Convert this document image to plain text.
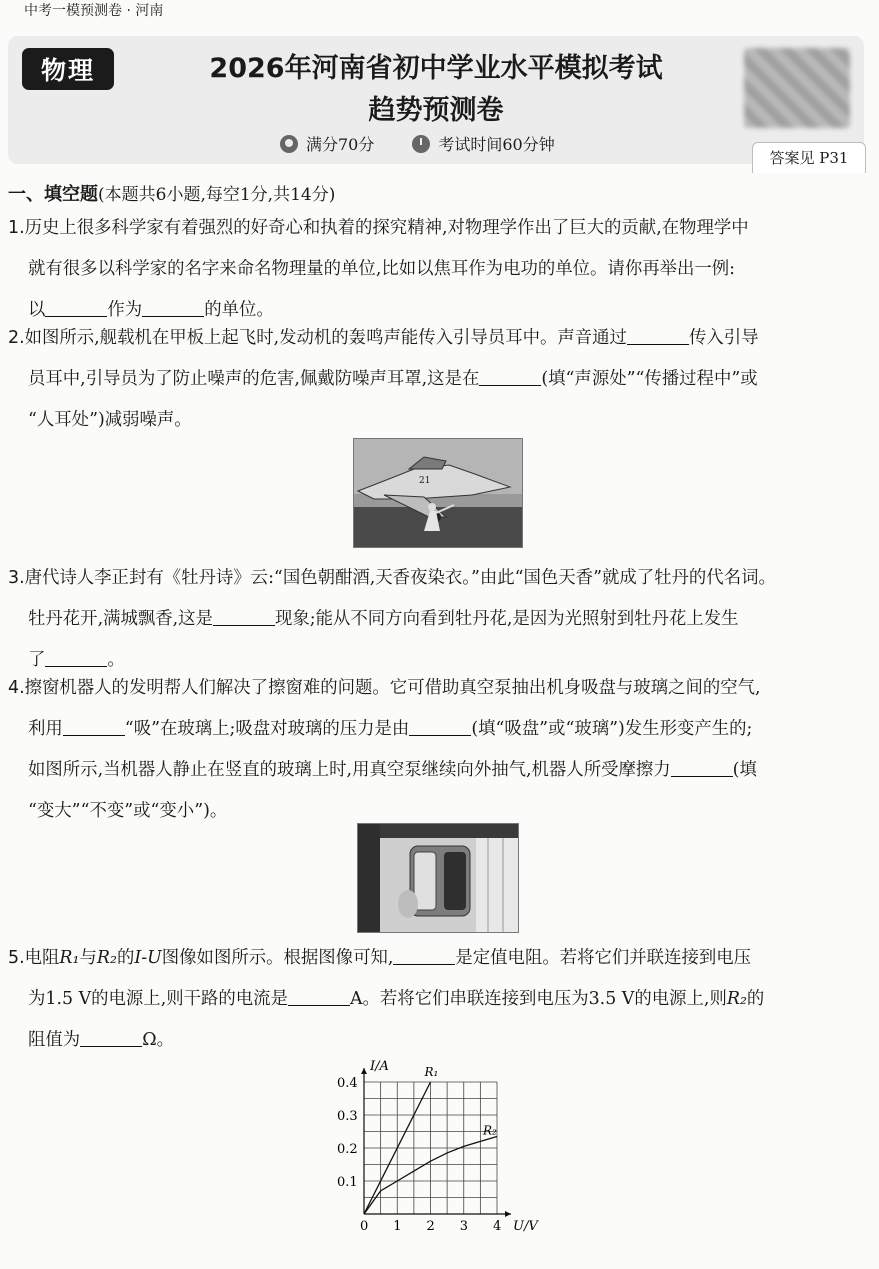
中考一模预测卷 · 河南
物理	2026年河南省初中学业水平模拟考试
趋势预测卷
满分70分	考试时间60分钟
答案见 P31
一、填空题(本题共6小题,每空1分,共14分)
1.历史上很多科学家有着强烈的好奇心和执着的探究精神,对物理学作出了巨大的贡献,在物理学中
就有很多以科学家的名字来命名物理量的单位,比如以焦耳作为电功的单位。请你再举出一例:
以	作为	的单位。
2.如图所示,舰载机在甲板上起飞时,发动机的轰鸣声能传入引导员耳中。声音通过	传入引导
员耳中,引导员为了防止噪声的危害,佩戴防噪声耳罩,这是在	(填“声源处”“传播过程中”或
“人耳处”)减弱噪声。
21
3.唐代诗人李正封有《牡丹诗》云:“国色朝酣酒,天香夜染衣。”由此“国色天香”就成了牡丹的代名词。
牡丹花开,满城飘香,这是	现象;能从不同方向看到牡丹花,是因为光照射到牡丹花上发生
了	。
4.擦窗机器人的发明帮人们解决了擦窗难的问题。它可借助真空泵抽出机身吸盘与玻璃之间的空气,
利用	“吸”在玻璃上;吸盘对玻璃的压力是由	(填“吸盘”或“玻璃”)发生形变产生的;
如图所示,当机器人静止在竖直的玻璃上时,用真空泵继续向外抽气,机器人所受摩擦力	(填
“变大”“不变”或“变小”)。
5.电阻R₁与R₂的I-U图像如图所示。根据图像可知,	是定值电阻。若将它们并联连接到电压
为1.5 V的电源上,则干路的电流是	A。若将它们串联连接到电压为3.5 V的电源上,则R₂的
阻值为	Ω。
0 1 2 3 4
0.1
0.2
0.3
0.4
U/V
I/A	R₁
R₂
